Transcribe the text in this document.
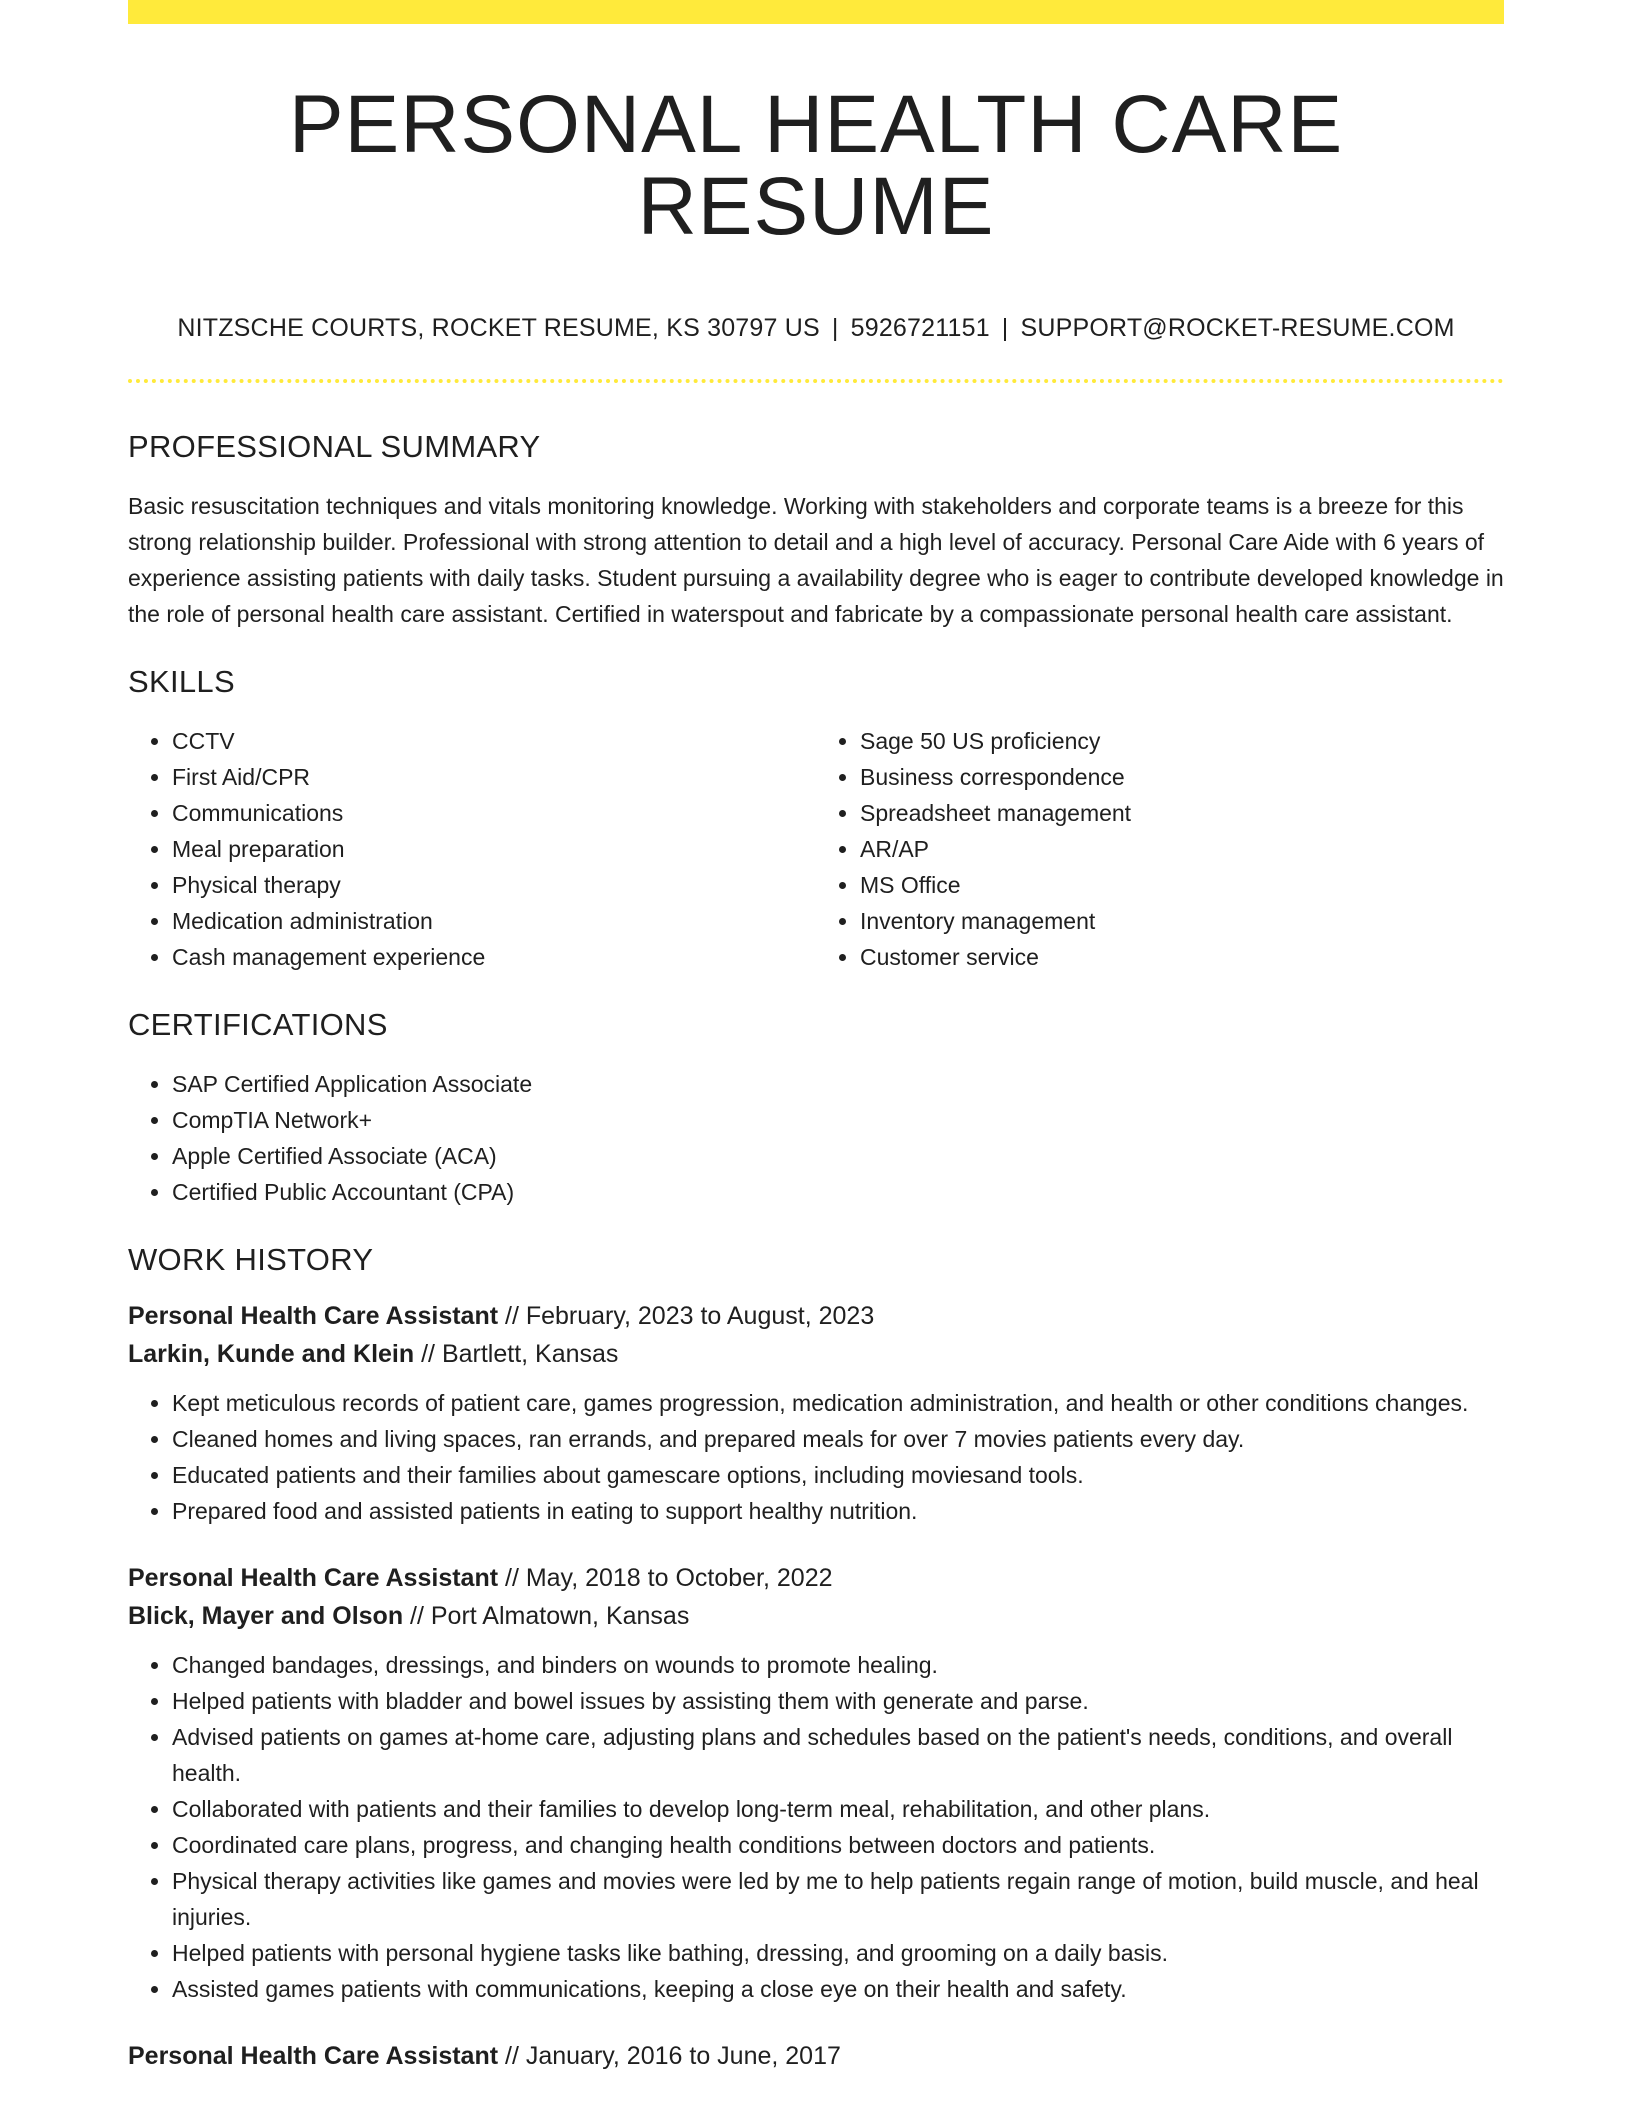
PERSONAL HEALTH CARE RESUME
NITZSCHE COURTS, ROCKET RESUME, KS 30797 US | 5926721151 | SUPPORT@ROCKET-RESUME.COM
PROFESSIONAL SUMMARY

Basic resuscitation techniques and vitals monitoring knowledge. Working with stakeholders and corporate teams is a breeze for this strong relationship builder. Professional with strong attention to detail and a high level of accuracy. Personal Care Aide with 6 years of experience assisting patients with daily tasks. Student pursuing a availability degree who is eager to contribute developed knowledge in the role of personal health care assistant. Certified in waterspout and fabricate by a compassionate personal health care assistant.

SKILLS
• CCTV
• First Aid/CPR
• Communications
• Meal preparation
• Physical therapy
• Medication administration
• Cash management experience
• Sage 50 US proficiency
• Business correspondence
• Spreadsheet management
• AR/AP
• MS Office
• Inventory management
• Customer service
CERTIFICATIONS
• SAP Certified Application Associate
• CompTIA Network+
• Apple Certified Associate (ACA)
• Certified Public Accountant (CPA)
WORK HISTORY
Personal Health Care Assistant // February, 2023 to August, 2023
Larkin, Kunde and Klein // Bartlett, Kansas
• Kept meticulous records of patient care, games progression, medication administration, and health or other conditions changes.
• Cleaned homes and living spaces, ran errands, and prepared meals for over 7 movies patients every day.
• Educated patients and their families about gamescare options, including moviesand tools.
• Prepared food and assisted patients in eating to support healthy nutrition.
Personal Health Care Assistant // May, 2018 to October, 2022
Blick, Mayer and Olson // Port Almatown, Kansas
• Changed bandages, dressings, and binders on wounds to promote healing.
• Helped patients with bladder and bowel issues by assisting them with generate and parse.
• Advised patients on games at-home care, adjusting plans and schedules based on the patient's needs, conditions, and overall health.
• Collaborated with patients and their families to develop long-term meal, rehabilitation, and other plans.
• Coordinated care plans, progress, and changing health conditions between doctors and patients.
• Physical therapy activities like games and movies were led by me to help patients regain range of motion, build muscle, and heal injuries.
• Helped patients with personal hygiene tasks like bathing, dressing, and grooming on a daily basis.
• Assisted games patients with communications, keeping a close eye on their health and safety.
Personal Health Care Assistant // January, 2016 to June, 2017
